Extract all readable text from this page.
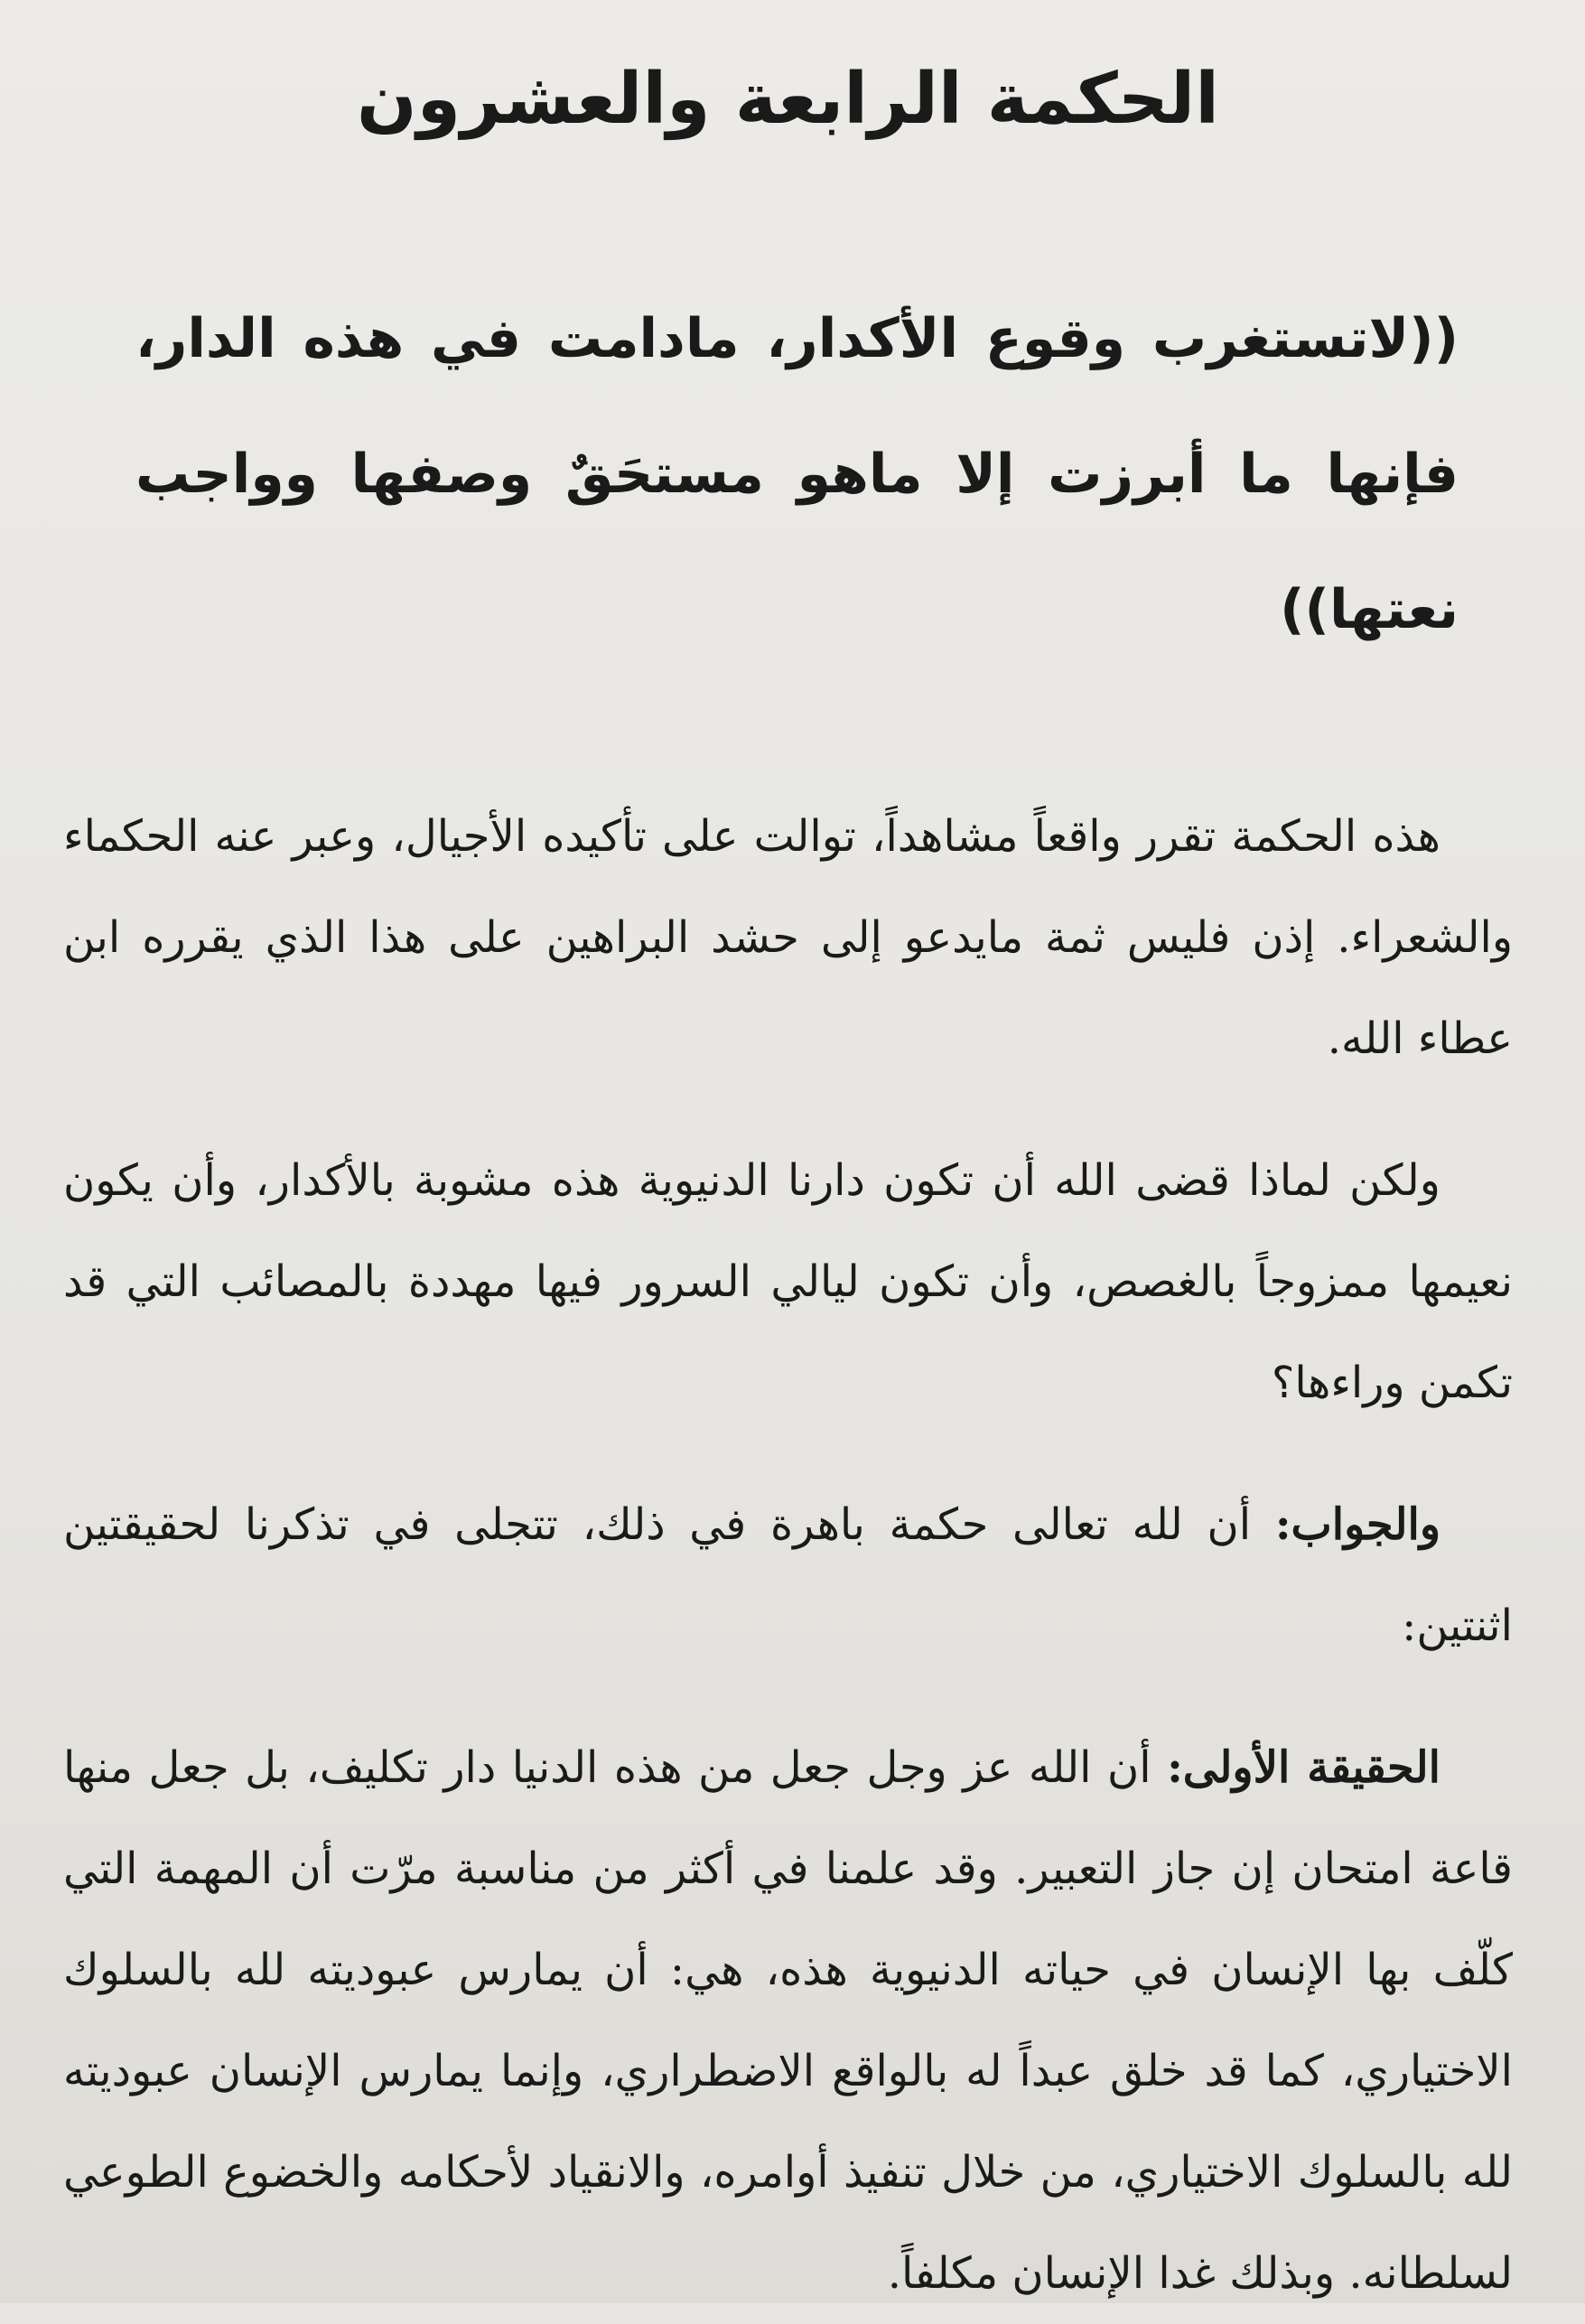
الحكمة الرابعة والعشرون

((لاتستغرب وقوع الأكدار، مادامت في هذه الدار، فإنها ما أبرزت إلا ماهو مستحَقٌ وصفها وواجب نعتها))

هذه الحكمة تقرر واقعاً مشاهداً، توالت على تأكيده الأجيال، وعبر عنه الحكماء والشعراء. إذن فليس ثمة مايدعو إلى حشد البراهين على هذا الذي يقرره ابن عطاء الله.

ولكن لماذا قضى الله أن تكون دارنا الدنيوية هذه مشوبة بالأكدار، وأن يكون نعيمها ممزوجاً بالغصص، وأن تكون ليالي السرور فيها مهددة بالمصائب التي قد تكمن وراءها؟

والجواب: أن لله تعالى حكمة باهرة في ذلك، تتجلى في تذكرنا لحقيقتين اثنتين:

الحقيقة الأولى: أن الله عز وجل جعل من هذه الدنيا دار تكليف، بل جعل منها قاعة امتحان إن جاز التعبير. وقد علمنا في أكثر من مناسبة مرّت أن المهمة التي كلّف بها الإنسان في حياته الدنيوية هذه، هي: أن يمارس عبوديته لله بالسلوك الاختياري، كما قد خلق عبداً له بالواقع الاضطراري، وإنما يمارس الإنسان عبوديته لله بالسلوك الاختياري، من خلال تنفيذ أوامره، والانقياد لأحكامه والخضوع الطوعي لسلطانه. وبذلك غدا الإنسان مكلفاً.
